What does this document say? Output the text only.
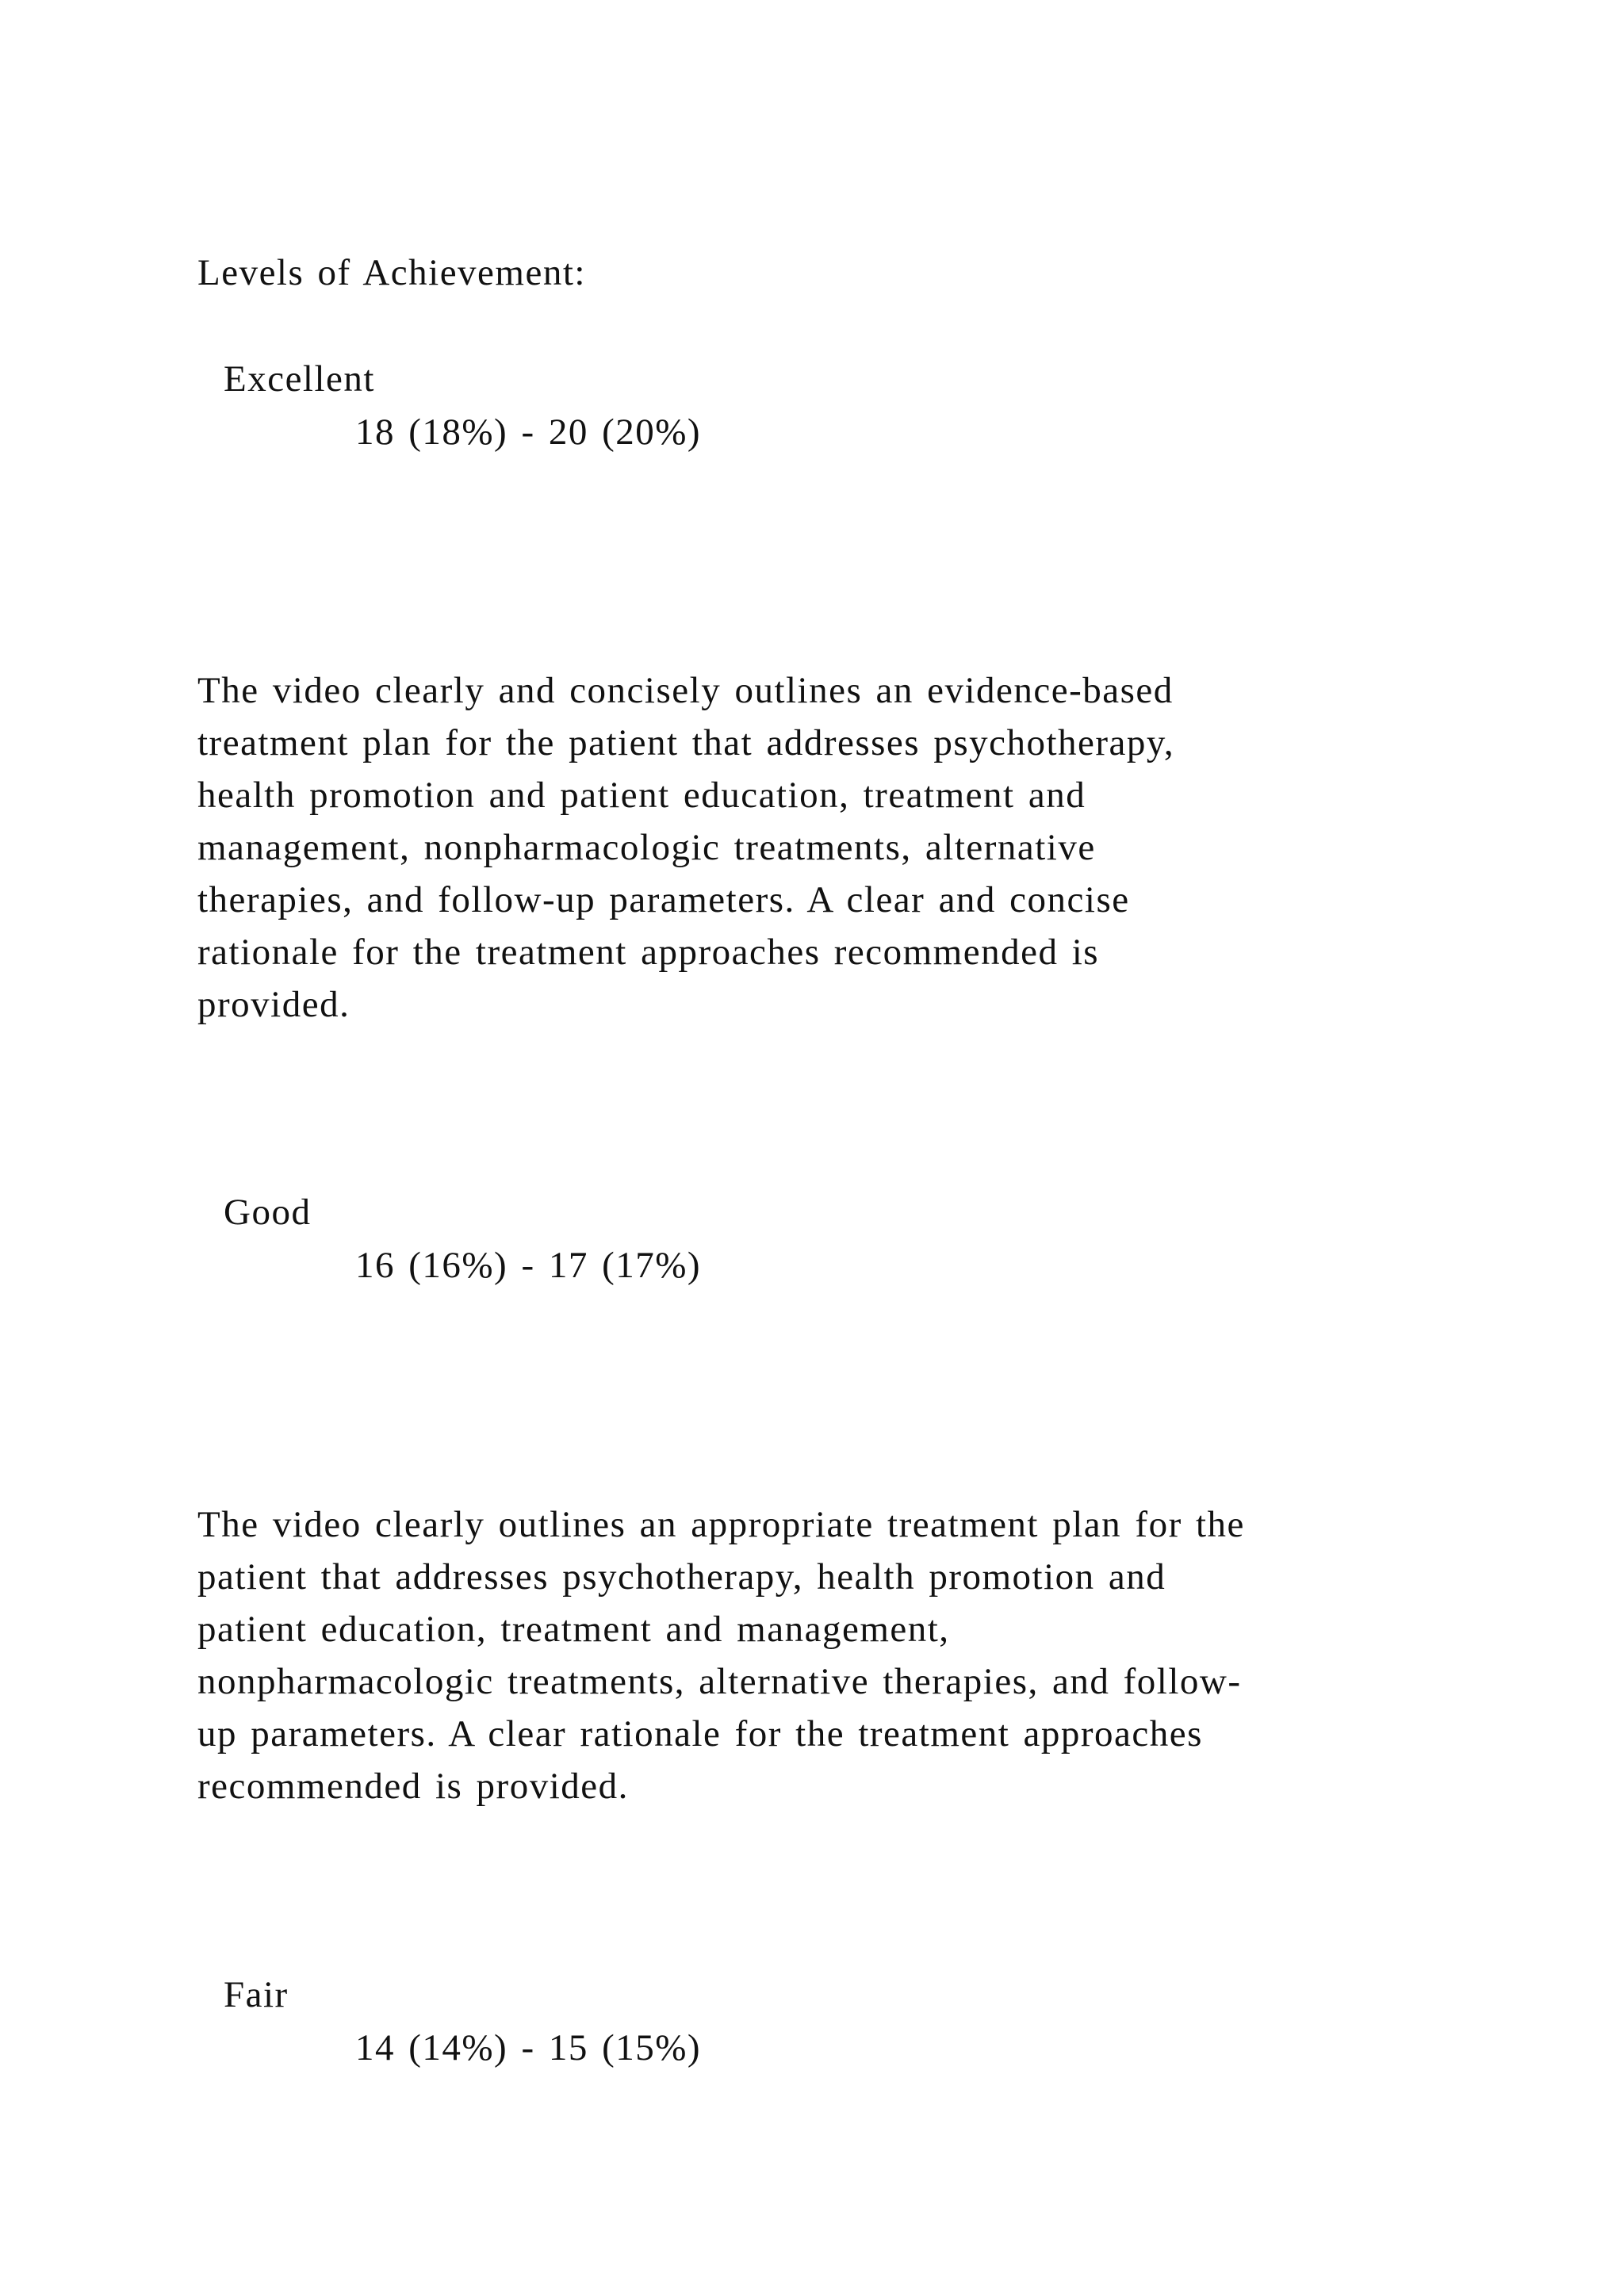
Levels of Achievement:
Excellent
18 (18%) - 20 (20%)
The video clearly and concisely outlines an evidence-based
treatment plan for the patient that addresses psychotherapy,
health promotion and patient education, treatment and
management, nonpharmacologic treatments, alternative
therapies, and follow-up parameters. A clear and concise
rationale for the treatment approaches recommended is
provided.
Good
16 (16%) - 17 (17%)
The video clearly outlines an appropriate treatment plan for the
patient that addresses psychotherapy, health promotion and
patient education, treatment and management,
nonpharmacologic treatments, alternative therapies, and follow-
up parameters. A clear rationale for the treatment approaches
recommended is provided.
Fair
14 (14%) - 15 (15%)
